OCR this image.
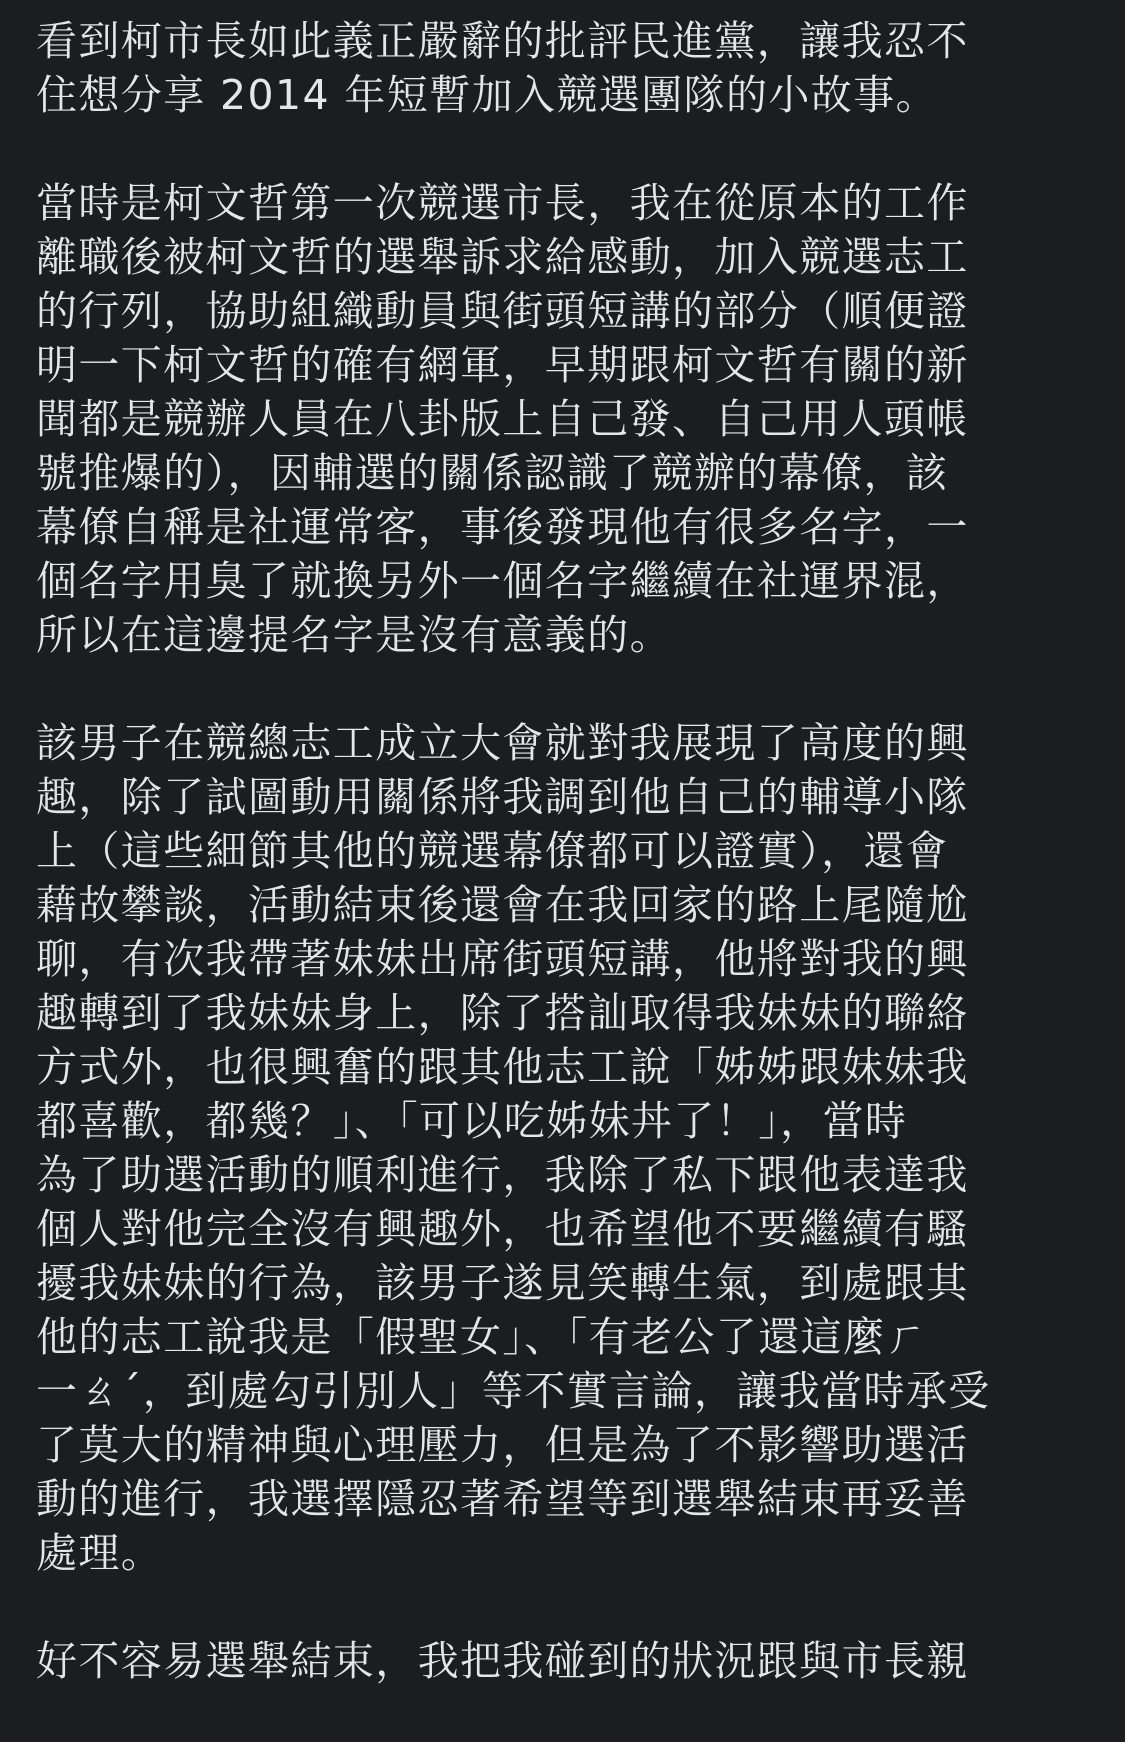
看到柯市長如此義正嚴辭的批評民進黨，讓我忍不
住想分享 2014 年短暫加入競選團隊的小故事。
當時是柯文哲第一次競選市長，我在從原本的工作
離職後被柯文哲的選舉訴求給感動，加入競選志工
的行列，協助組織動員與街頭短講的部分（順便證
明一下柯文哲的確有網軍，早期跟柯文哲有關的新
聞都是競辦人員在八卦版上自己發、自己用人頭帳
號推爆的），因輔選的關係認識了競辦的幕僚，該
幕僚自稱是社運常客，事後發現他有很多名字，一
個名字用臭了就換另外一個名字繼續在社運界混，
所以在這邊提名字是沒有意義的。
該男子在競總志工成立大會就對我展現了高度的興
趣，除了試圖動用關係將我調到他自己的輔導小隊
上（這些細節其他的競選幕僚都可以證實），還會
藉故攀談，活動結束後還會在我回家的路上尾隨尬
聊，有次我帶著妹妹出席街頭短講，他將對我的興
趣轉到了我妹妹身上，除了搭訕取得我妹妹的聯絡
方式外，也很興奮的跟其他志工說「姊姊跟妹妹我
都喜歡，都幾？」、「可以吃姊妹丼了！」，當時
為了助選活動的順利進行，我除了私下跟他表達我
個人對他完全沒有興趣外，也希望他不要繼續有騷
擾我妹妹的行為，該男子遂見笑轉生氣，到處跟其
他的志工說我是「假聖女」、「有老公了還這麼ㄏ
一ㄠˊ，到處勾引別人」等不實言論，讓我當時承受
了莫大的精神與心理壓力，但是為了不影響助選活
動的進行，我選擇隱忍著希望等到選舉結束再妥善
處理。
好不容易選舉結束，我把我碰到的狀況跟與市長親
